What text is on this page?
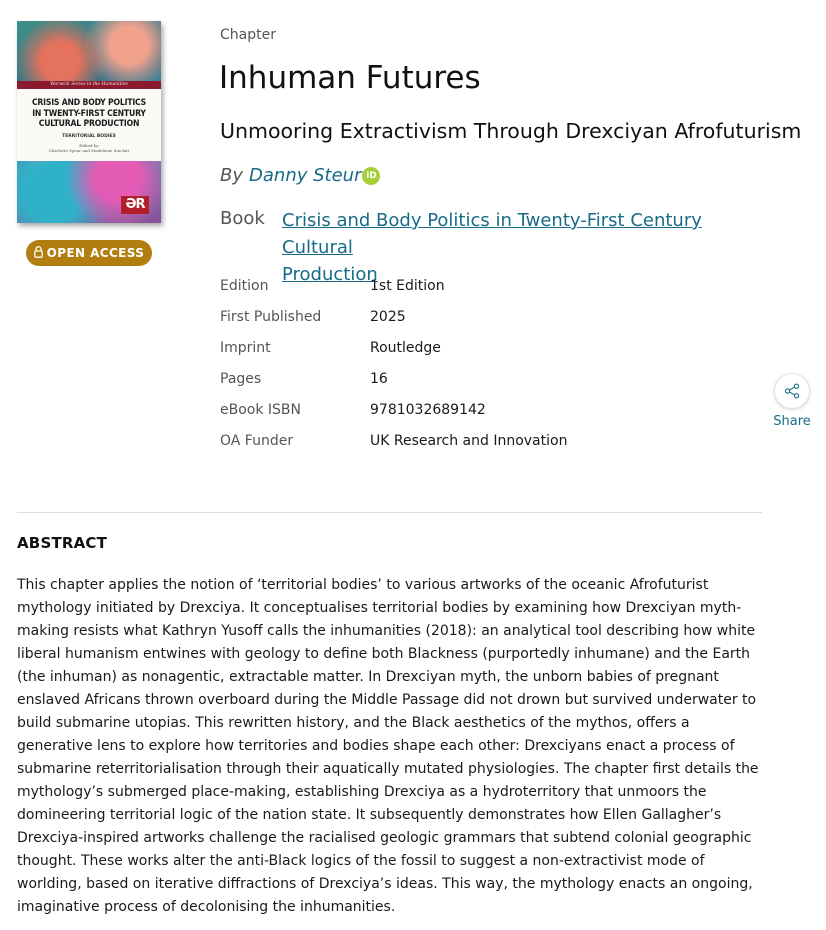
Warwick Series in the Humanities
CRISIS AND BODY POLITICS
IN TWENTY-FIRST CENTURY
CULTURAL PRODUCTION
TERRITORIAL BODIES
Edited by
Charlotte Spear and Madeleine Sinclair
ƏR
OPEN ACCESS
Chapter
Inhuman Futures
Unmooring Extractivism Through Drexciyan Afrofuturism
By Danny Steur iD
Book Crisis and Body Politics in Twenty-First Century Cultural
Production
Edition	1st Edition
First Published	2025
Imprint	Routledge
Pages	16
eBook ISBN	9781032689142
OA Funder	UK Research and Innovation
Share
ABSTRACT
This chapter applies the notion of ‘territorial bodies’ to various artworks of the oceanic Afrofuturist mythology initiated by Drexciya. It conceptualises territorial bodies by examining how Drexciyan myth-making resists what Kathryn Yusoff calls the inhumanities (2018): an analytical tool describing how white liberal humanism entwines with geology to define both Blackness (purportedly inhumane) and the Earth (the inhuman) as nonagentic, extractable matter. In Drexciyan myth, the unborn babies of pregnant enslaved Africans thrown overboard during the Middle Passage did not drown but survived underwater to build submarine utopias. This rewritten history, and the Black aesthetics of the mythos, offers a generative lens to explore how territories and bodies shape each other: Drexciyans enact a process of submarine reterritorialisation through their aquatically mutated physiologies. The chapter first details the mythology’s submerged place-making, establishing Drexciya as a hydroterritory that unmoors the domineering territorial logic of the nation state. It subsequently demonstrates how Ellen Gallagher’s Drexciya-inspired artworks challenge the racialised geologic grammars that subtend colonial geographic thought. These works alter the anti-Black logics of the fossil to suggest a non-extractivist mode of worlding, based on iterative diffractions of Drexciya’s ideas. This way, the mythology enacts an ongoing, imaginative process of decolonising the inhumanities.
